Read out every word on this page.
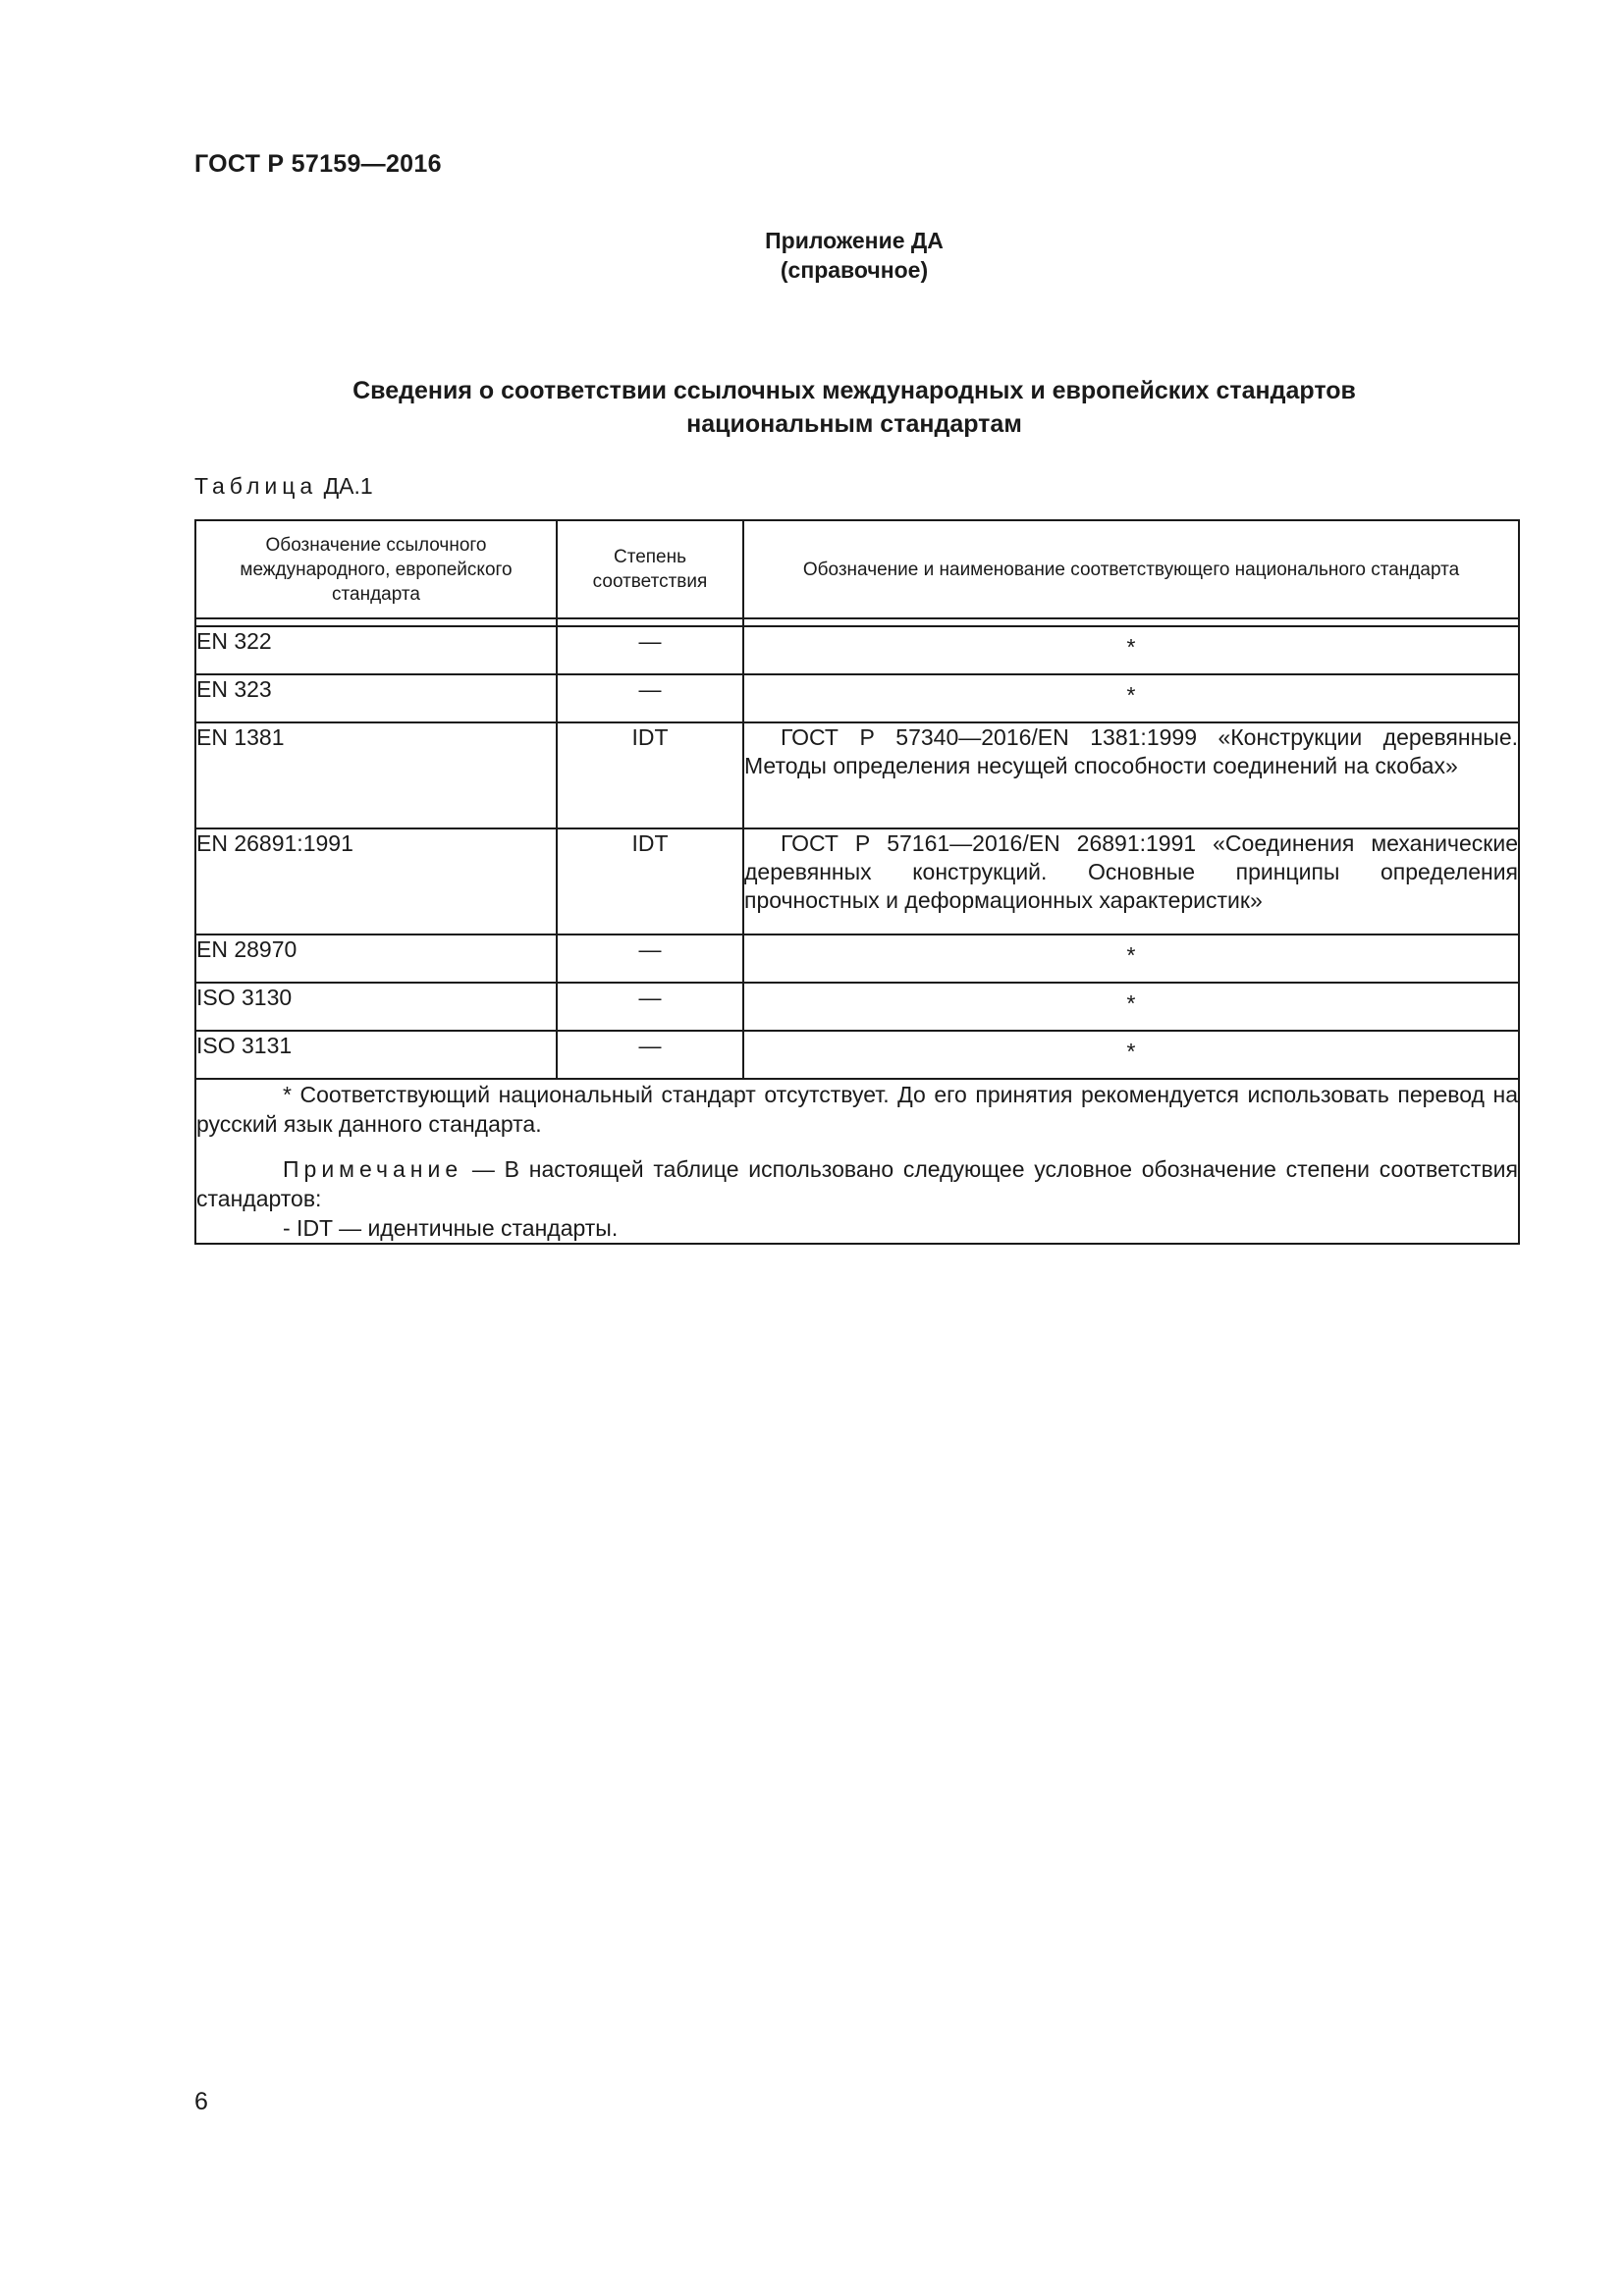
ГОСТ Р 57159—2016
Приложение ДА
(справочное)
Сведения о соответствии ссылочных международных и европейских стандартов
национальным стандартам
Таблица ДА.1
Обозначение ссылочного международного, европейского стандарта	Степень соответствия	Обозначение и наименование соответствующего национального стандарта

EN 322	—	*
EN 323	—	*
EN 1381	IDT	ГОСТ Р 57340—2016/EN 1381:1999 «Конструкции деревянные. Методы определения несущей способности соединений на скобах»
EN 26891:1991	IDT	ГОСТ Р 57161—2016/EN 26891:1991 «Соединения механические деревянных конструкций. Основные принципы определения прочностных и деформационных характеристик»
EN 28970	—	*
ISO 3130	—	*
ISO 3131	—	*

* Соответствующий национальный стандарт отсутствует. До его принятия рекомендуется использовать перевод на русский язык данного стандарта.

Примечание — В настоящей таблице использовано следующее условное обозначение степени соответствия стандартов:

- IDT — идентичные стандарты.		

6
